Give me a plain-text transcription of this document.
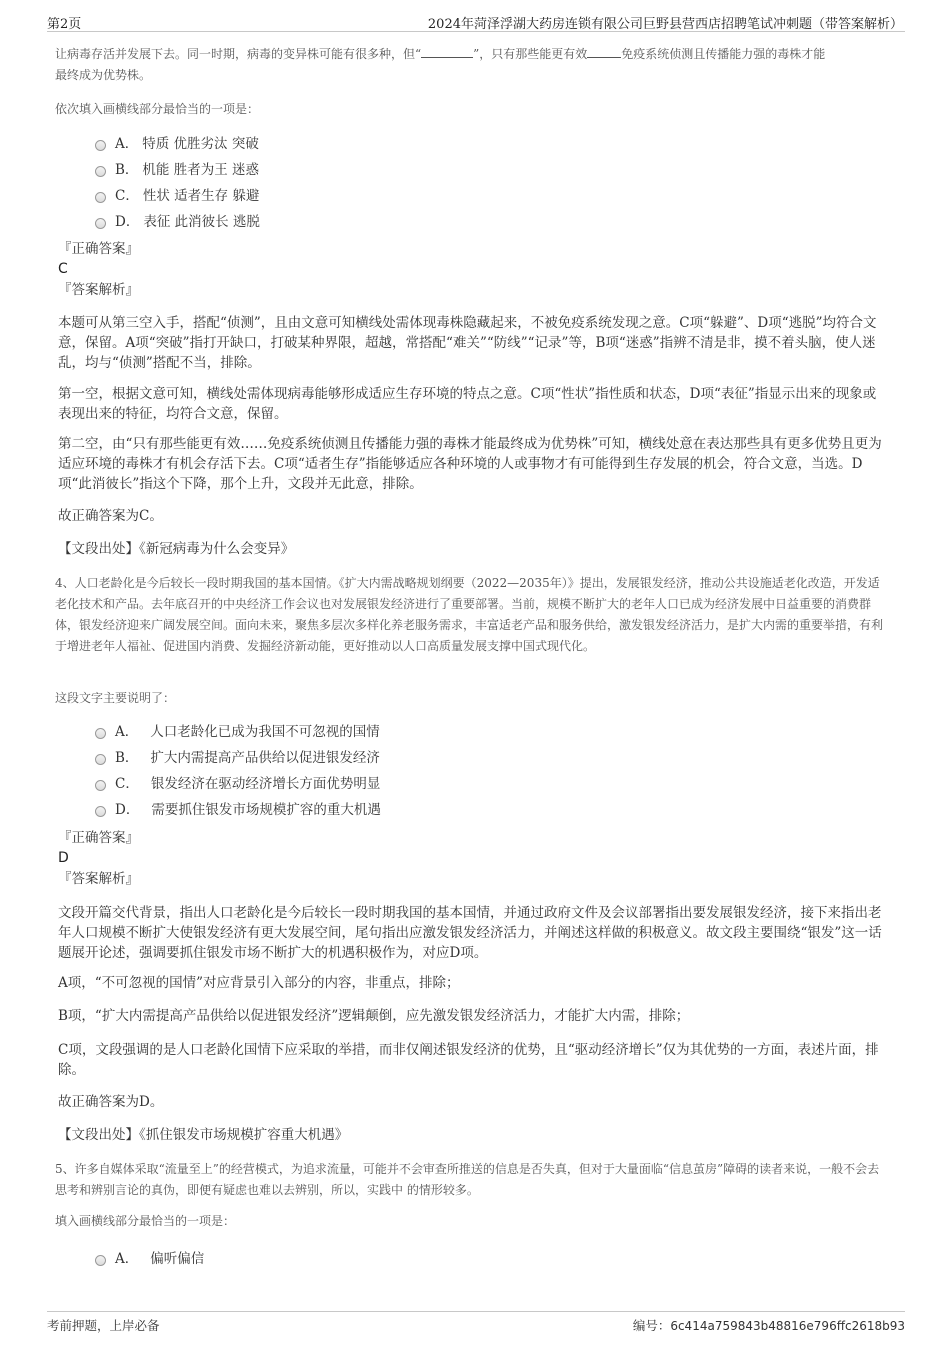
第2页	2024年菏泽浮湖大药房连锁有限公司巨野县营西店招聘笔试冲刺题（带答案解析）
让病毒存活并发展下去。同一时期，病毒的变异株可能有很多种，但“	”，只有那些能更有效	免疫系统侦测且传播能力强的毒株才能
最终成为优势株。
依次填入画横线部分最恰当的一项是：
A． 特质 优胜劣汰 突破
B． 机能 胜者为王 迷惑
C． 性状 适者生存 躲避
D． 表征 此消彼长 逃脱
『正确答案』
C
『答案解析』
本题可从第三空入手，搭配“侦测”，且由文意可知横线处需体现毒株隐藏起来，不被免疫系统发现之意。C项“躲避”、D项“逃脱”均符合文意，保留。A项“突破”指打开缺口，打破某种界限，超越，常搭配“难关”“防线”“记录”等，B项“迷惑”指辨不清是非，摸不着头脑，使人迷乱，均与“侦测”搭配不当，排除。
第一空，根据文意可知，横线处需体现病毒能够形成适应生存环境的特点之意。C项“性状”指性质和状态，D项“表征”指显示出来的现象或表现出来的特征，均符合文意，保留。
第二空，由“只有那些能更有效……免疫系统侦测且传播能力强的毒株才能最终成为优势株”可知，横线处意在表达那些具有更多优势且更为适应环境的毒株才有机会存活下去。C项“适者生存”指能够适应各种环境的人或事物才有可能得到生存发展的机会，符合文意，当选。D项“此消彼长”指这个下降，那个上升，文段并无此意，排除。
故正确答案为C。
【文段出处】《新冠病毒为什么会变异》
4、人口老龄化是今后较长一段时期我国的基本国情。《扩大内需战略规划纲要（2022—2035年）》提出，发展银发经济，推动公共设施适老化改造，开发适老化技术和产品。去年底召开的中央经济工作会议也对发展银发经济进行了重要部署。当前，规模不断扩大的老年人口已成为经济发展中日益重要的消费群体，银发经济迎来广阔发展空间。面向未来，聚焦多层次多样化养老服务需求，丰富适老产品和服务供给，激发银发经济活力，是扩大内需的重要举措，有利于增进老年人福祉、促进国内消费、发掘经济新动能，更好推动以人口高质量发展支撑中国式现代化。
这段文字主要说明了：
A． 人口老龄化已成为我国不可忽视的国情
B． 扩大内需提高产品供给以促进银发经济
C． 银发经济在驱动经济增长方面优势明显
D． 需要抓住银发市场规模扩容的重大机遇
『正确答案』
D
『答案解析』
文段开篇交代背景，指出人口老龄化是今后较长一段时期我国的基本国情，并通过政府文件及会议部署指出要发展银发经济，接下来指出老年人口规模不断扩大使银发经济有更大发展空间，尾句指出应激发银发经济活力，并阐述这样做的积极意义。故文段主要围绕“银发”这一话题展开论述，强调要抓住银发市场不断扩大的机遇积极作为，对应D项。
A项，“不可忽视的国情”对应背景引入部分的内容，非重点，排除；
B项，“扩大内需提高产品供给以促进银发经济”逻辑颠倒，应先激发银发经济活力，才能扩大内需，排除；
C项，文段强调的是人口老龄化国情下应采取的举措，而非仅阐述银发经济的优势，且“驱动经济增长”仅为其优势的一方面，表述片面，排除。
故正确答案为D。
【文段出处】《抓住银发市场规模扩容重大机遇》
5、许多自媒体采取“流量至上”的经营模式，为追求流量，可能并不会审查所推送的信息是否失真，但对于大量面临“信息茧房”障碍的读者来说，一般不会去思考和辨别言论的真伪，即便有疑虑也难以去辨别，所以，实践中 的情形较多。
填入画横线部分最恰当的一项是：
A． 偏听偏信
考前押题，上岸必备	编号：6c414a759843b48816e796ffc2618b93
